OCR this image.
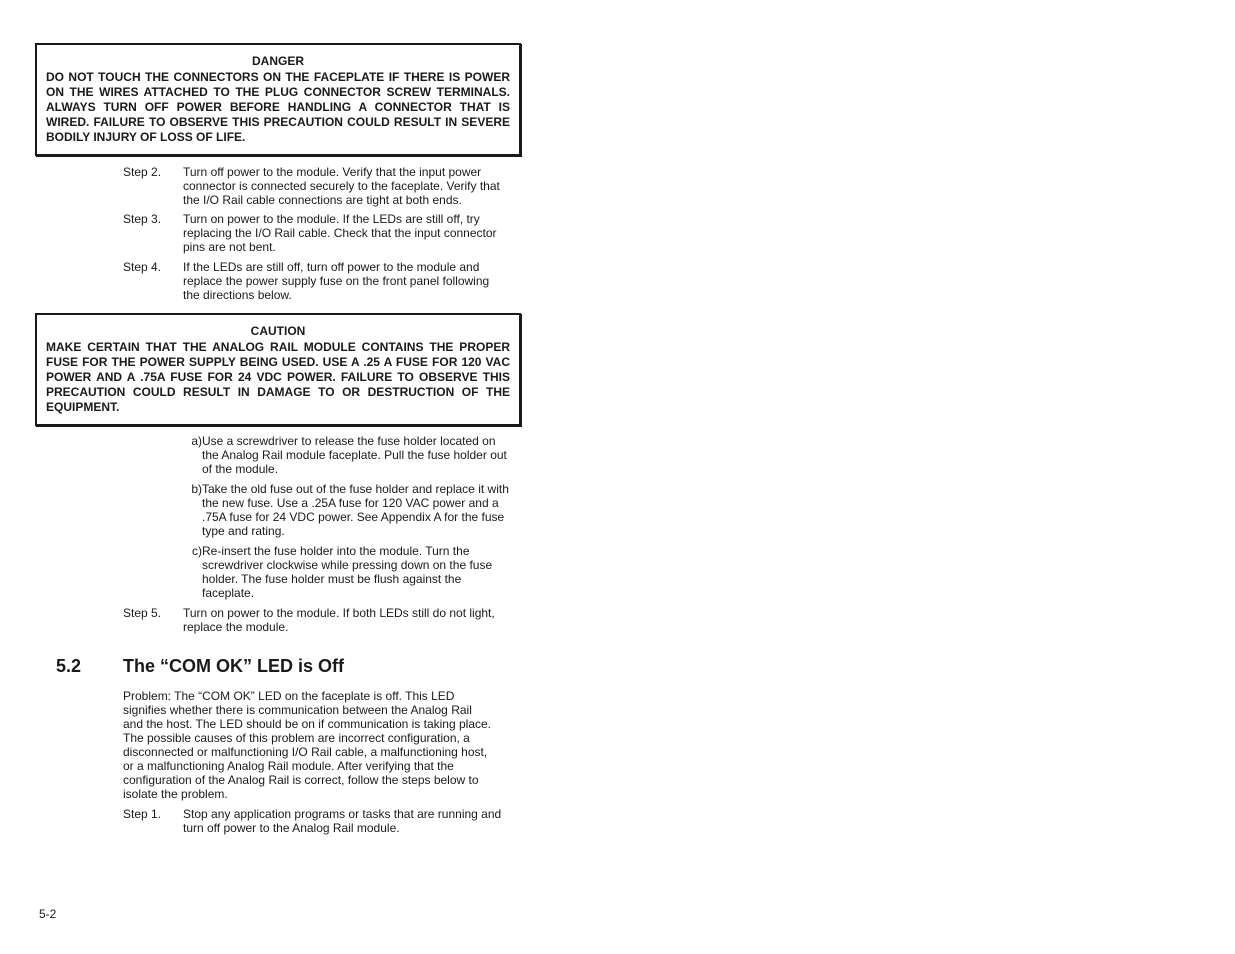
DANGER
DO NOT TOUCH THE CONNECTORS ON THE FACEPLATE IF THERE IS POWER ON THE WIRES ATTACHED TO THE PLUG CONNECTOR SCREW TERMINALS. ALWAYS TURN OFF POWER BEFORE HANDLING A CONNECTOR THAT IS WIRED. FAILURE TO OBSERVE THIS PRECAUTION COULD RESULT IN SEVERE BODILY INJURY OF LOSS OF LIFE.
Step 2.	Turn off power to the module. Verify that the input power connector is connected securely to the faceplate. Verify that the I/O Rail cable connections are tight at both ends.
Step 3.	Turn on power to the module. If the LEDs are still off, try replacing the I/O Rail cable. Check that the input connector pins are not bent.
Step 4.	If the LEDs are still off, turn off power to the module and replace the power supply fuse on the front panel following the directions below.
CAUTION
MAKE CERTAIN THAT THE ANALOG RAIL MODULE CONTAINS THE PROPER FUSE FOR THE POWER SUPPLY BEING USED. USE A .25 A FUSE FOR 120 VAC POWER AND A .75A FUSE FOR 24 VDC POWER. FAILURE TO OBSERVE THIS PRECAUTION COULD RESULT IN DAMAGE TO OR DESTRUCTION OF THE EQUIPMENT.
a) Use a screwdriver to release the fuse holder located on the Analog Rail module faceplate. Pull the fuse holder out of the module.
b) Take the old fuse out of the fuse holder and replace it with the new fuse. Use a .25A fuse for 120 VAC power and a .75A fuse for 24 VDC power. See Appendix A for the fuse type and rating.
c) Re-insert the fuse holder into the module. Turn the screwdriver clockwise while pressing down on the fuse holder. The fuse holder must be flush against the faceplate.
Step 5.	Turn on power to the module. If both LEDs still do not light, replace the module.
5.2 The “COM OK” LED is Off
Problem: The “COM OK” LED on the faceplate is off. This LED signifies whether there is communication between the Analog Rail and the host. The LED should be on if communication is taking place. The possible causes of this problem are incorrect configuration, a disconnected or malfunctioning I/O Rail cable, a malfunctioning host, or a malfunctioning Analog Rail module. After verifying that the configuration of the Analog Rail is correct, follow the steps below to isolate the problem.
Step 1.	Stop any application programs or tasks that are running and turn off power to the Analog Rail module.
5-2
